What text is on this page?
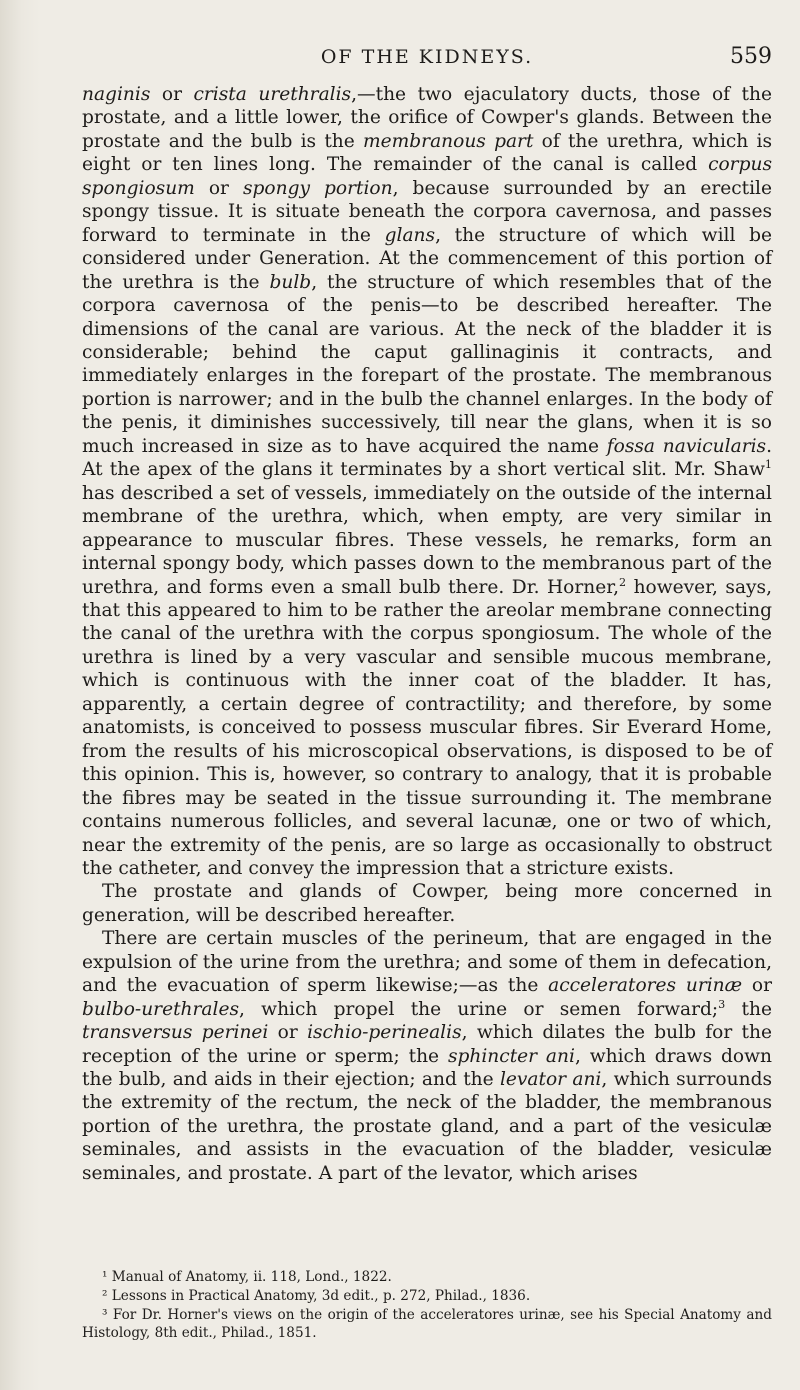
OF THE KIDNEYS.	559

naginis or crista urethralis,—the two ejaculatory ducts, those of the prostate, and a little lower, the orifice of Cowper's glands. Between the prostate and the bulb is the membranous part of the urethra, which is eight or ten lines long. The remainder of the canal is called corpus spongiosum or spongy portion, because surrounded by an erectile spongy tissue. It is situate beneath the corpora cavernosa, and passes forward to terminate in the glans, the structure of which will be considered under Generation. At the commencement of this portion of the urethra is the bulb, the structure of which resembles that of the corpora cavernosa of the penis—to be described hereafter. The dimensions of the canal are various. At the neck of the bladder it is considerable; behind the caput gallinaginis it contracts, and immediately enlarges in the forepart of the prostate. The membranous portion is narrower; and in the bulb the channel enlarges. In the body of the penis, it diminishes successively, till near the glans, when it is so much increased in size as to have acquired the name fossa navicularis. At the apex of the glans it terminates by a short vertical slit. Mr. Shaw$^1$ has described a set of vessels, immediately on the outside of the internal membrane of the urethra, which, when empty, are very similar in appearance to muscular fibres. These vessels, he remarks, form an internal spongy body, which passes down to the membranous part of the urethra, and forms even a small bulb there. Dr. Horner,$^2$ however, says, that this appeared to him to be rather the areolar membrane connecting the canal of the urethra with the corpus spongiosum. The whole of the urethra is lined by a very vascular and sensible mucous membrane, which is continuous with the inner coat of the bladder. It has, apparently, a certain degree of contractility; and therefore, by some anatomists, is conceived to possess muscular fibres. Sir Everard Home, from the results of his microscopical observations, is disposed to be of this opinion. This is, however, so contrary to analogy, that it is probable the fibres may be seated in the tissue surrounding it. The membrane contains numerous follicles, and several lacunæ, one or two of which, near the extremity of the penis, are so large as occasionally to obstruct the catheter, and convey the impression that a stricture exists.

The prostate and glands of Cowper, being more concerned in generation, will be described hereafter.

There are certain muscles of the perineum, that are engaged in the expulsion of the urine from the urethra; and some of them in defecation, and the evacuation of sperm likewise;—as the acceleratores urinæ or bulbo-urethrales, which propel the urine or semen forward;$^3$ the transversus perinei or ischio-perinealis, which dilates the bulb for the reception of the urine or sperm; the sphincter ani, which draws down the bulb, and aids in their ejection; and the levator ani, which surrounds the extremity of the rectum, the neck of the bladder, the membranous portion of the urethra, the prostate gland, and a part of the vesiculæ seminales, and assists in the evacuation of the bladder, vesiculæ seminales, and prostate. A part of the levator, which arises

¹ Manual of Anatomy, ii. 118, Lond., 1822.

² Lessons in Practical Anatomy, 3d edit., p. 272, Philad., 1836.

³ For Dr. Horner's views on the origin of the acceleratores urinæ, see his Special Anatomy and Histology, 8th edit., Philad., 1851.
